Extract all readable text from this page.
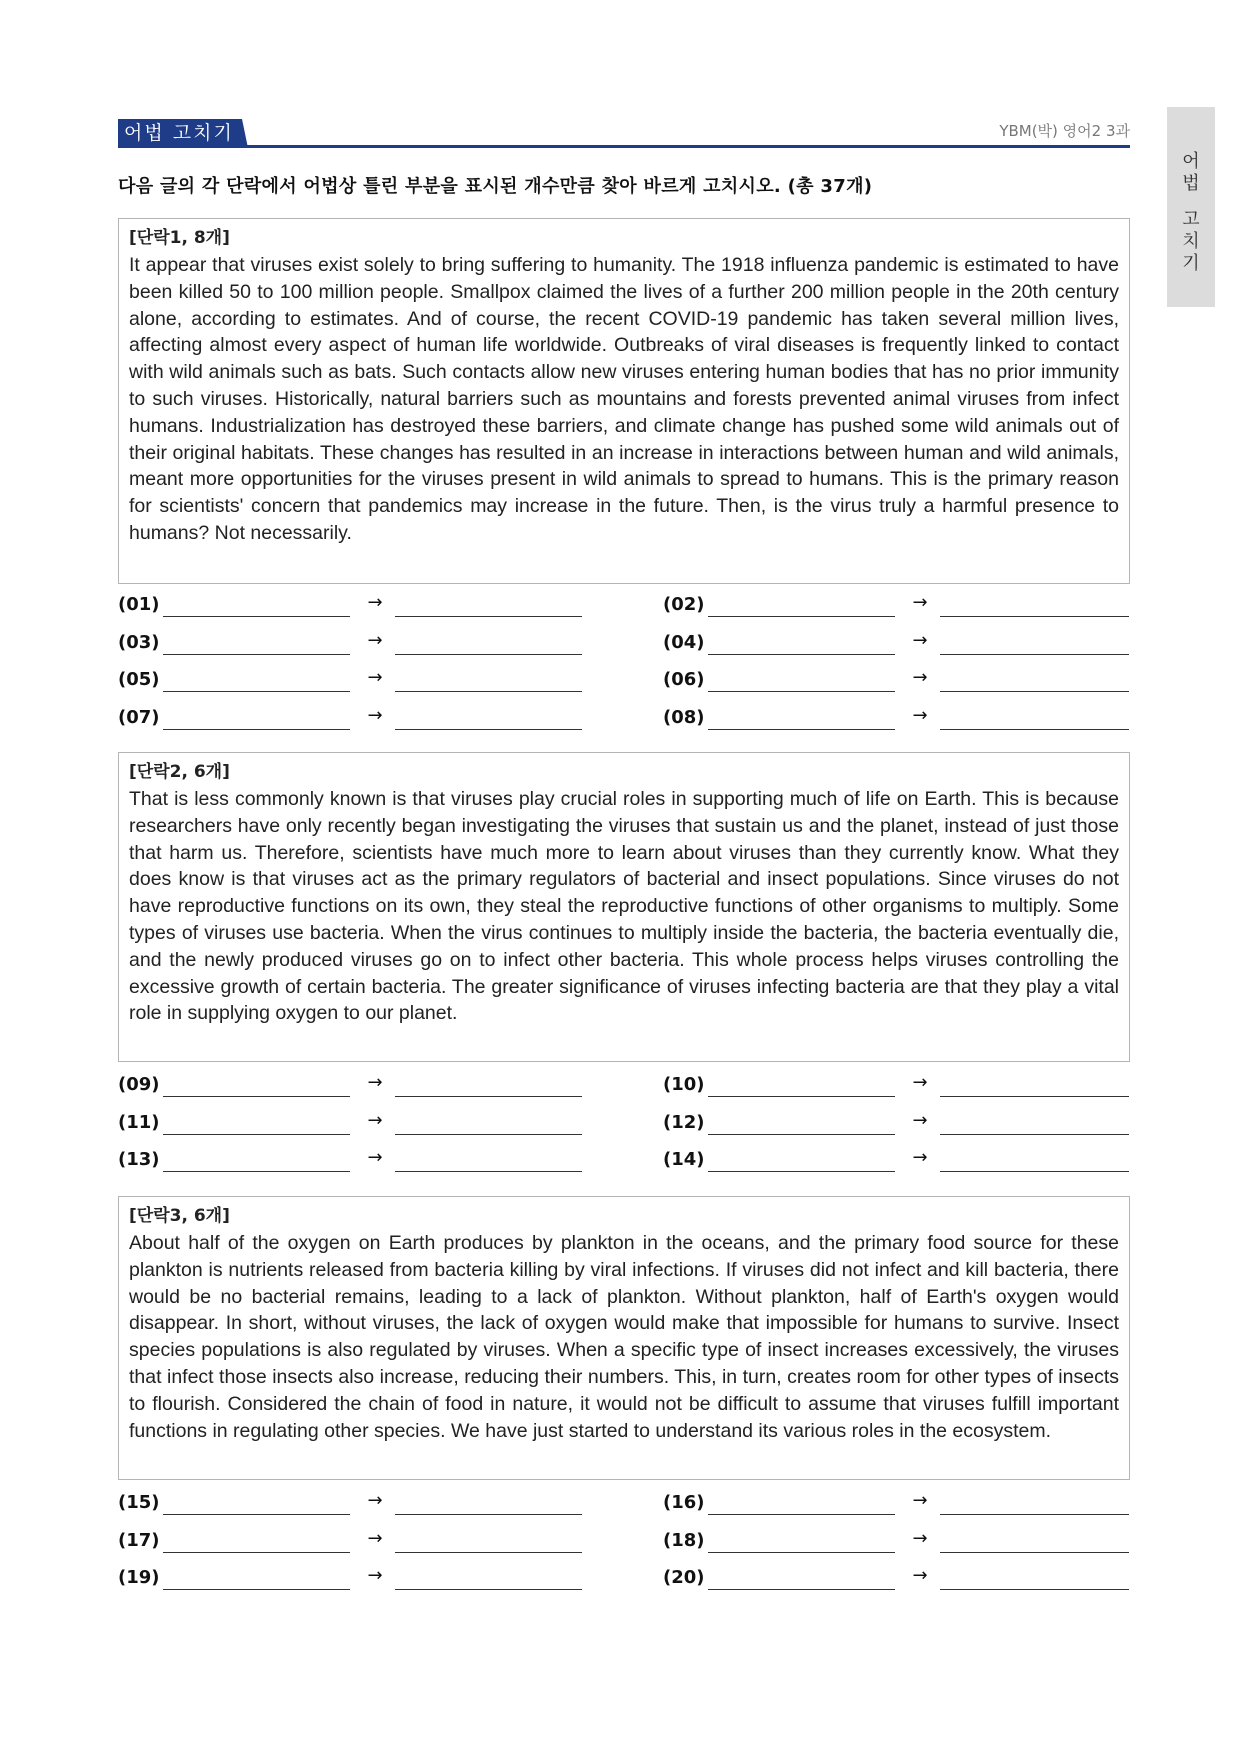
어법 고치기	YBM(박) 영어2 3과
어
법
고
치
기
다음 글의 각 단락에서 어법상 틀린 부분을 표시된 개수만큼 찾아 바르게 고치시오. (총 37개)
[단락1, 8개]
It appear that viruses exist solely to bring suffering to humanity. The 1918 influenza pandemic is estimated to have been killed 50 to 100 million people. Smallpox claimed the lives of a further 200 million people in the 20th century alone, according to estimates. And of course, the recent COVID-19 pandemic has taken several million lives, affecting almost every aspect of human life worldwide. Outbreaks of viral diseases is frequently linked to contact with wild animals such as bats. Such contacts allow new viruses entering human bodies that has no prior immunity to such viruses. Historically, natural barriers such as mountains and forests prevented animal viruses from infect humans. Industrialization has destroyed these barriers, and climate change has pushed some wild animals out of their original habitats. These changes has resulted in an increase in interactions between human and wild animals, meant more opportunities for the viruses present in wild animals to spread to humans. This is the primary reason for scientists' concern that pandemics may increase in the future. Then, is the virus truly a harmful presence to humans? Not necessarily.
(01)	→	(02)	→
(03)	→	(04)	→
(05)	→	(06)	→
(07)	→	(08)	→
[단락2, 6개]
That is less commonly known is that viruses play crucial roles in supporting much of life on Earth. This is because researchers have only recently began investigating the viruses that sustain us and the planet, instead of just those that harm us. Therefore, scientists have much more to learn about viruses than they currently know. What they does know is that viruses act as the primary regulators of bacterial and insect populations. Since viruses do not have reproductive functions on its own, they steal the reproductive functions of other organisms to multiply. Some types of viruses use bacteria. When the virus continues to multiply inside the bacteria, the bacteria eventually die, and the newly produced viruses go on to infect other bacteria. This whole process helps viruses controlling the excessive growth of certain bacteria. The greater significance of viruses infecting bacteria are that they play a vital role in supplying oxygen to our planet.
(09)	→	(10)	→
(11)	→	(12)	→
(13)	→	(14)	→
[단락3, 6개]
About half of the oxygen on Earth produces by plankton in the oceans, and the primary food source for these plankton is nutrients released from bacteria killing by viral infections. If viruses did not infect and kill bacteria, there would be no bacterial remains, leading to a lack of plankton. Without plankton, half of Earth's oxygen would disappear. In short, without viruses, the lack of oxygen would make that impossible for humans to survive. Insect species populations is also regulated by viruses. When a specific type of insect increases excessively, the viruses that infect those insects also increase, reducing their numbers. This, in turn, creates room for other types of insects to flourish. Considered the chain of food in nature, it would not be difficult to assume that viruses fulfill important functions in regulating other species. We have just started to understand its various roles in the ecosystem.
(15)	→	(16)	→
(17)	→	(18)	→
(19)	→	(20)	→
